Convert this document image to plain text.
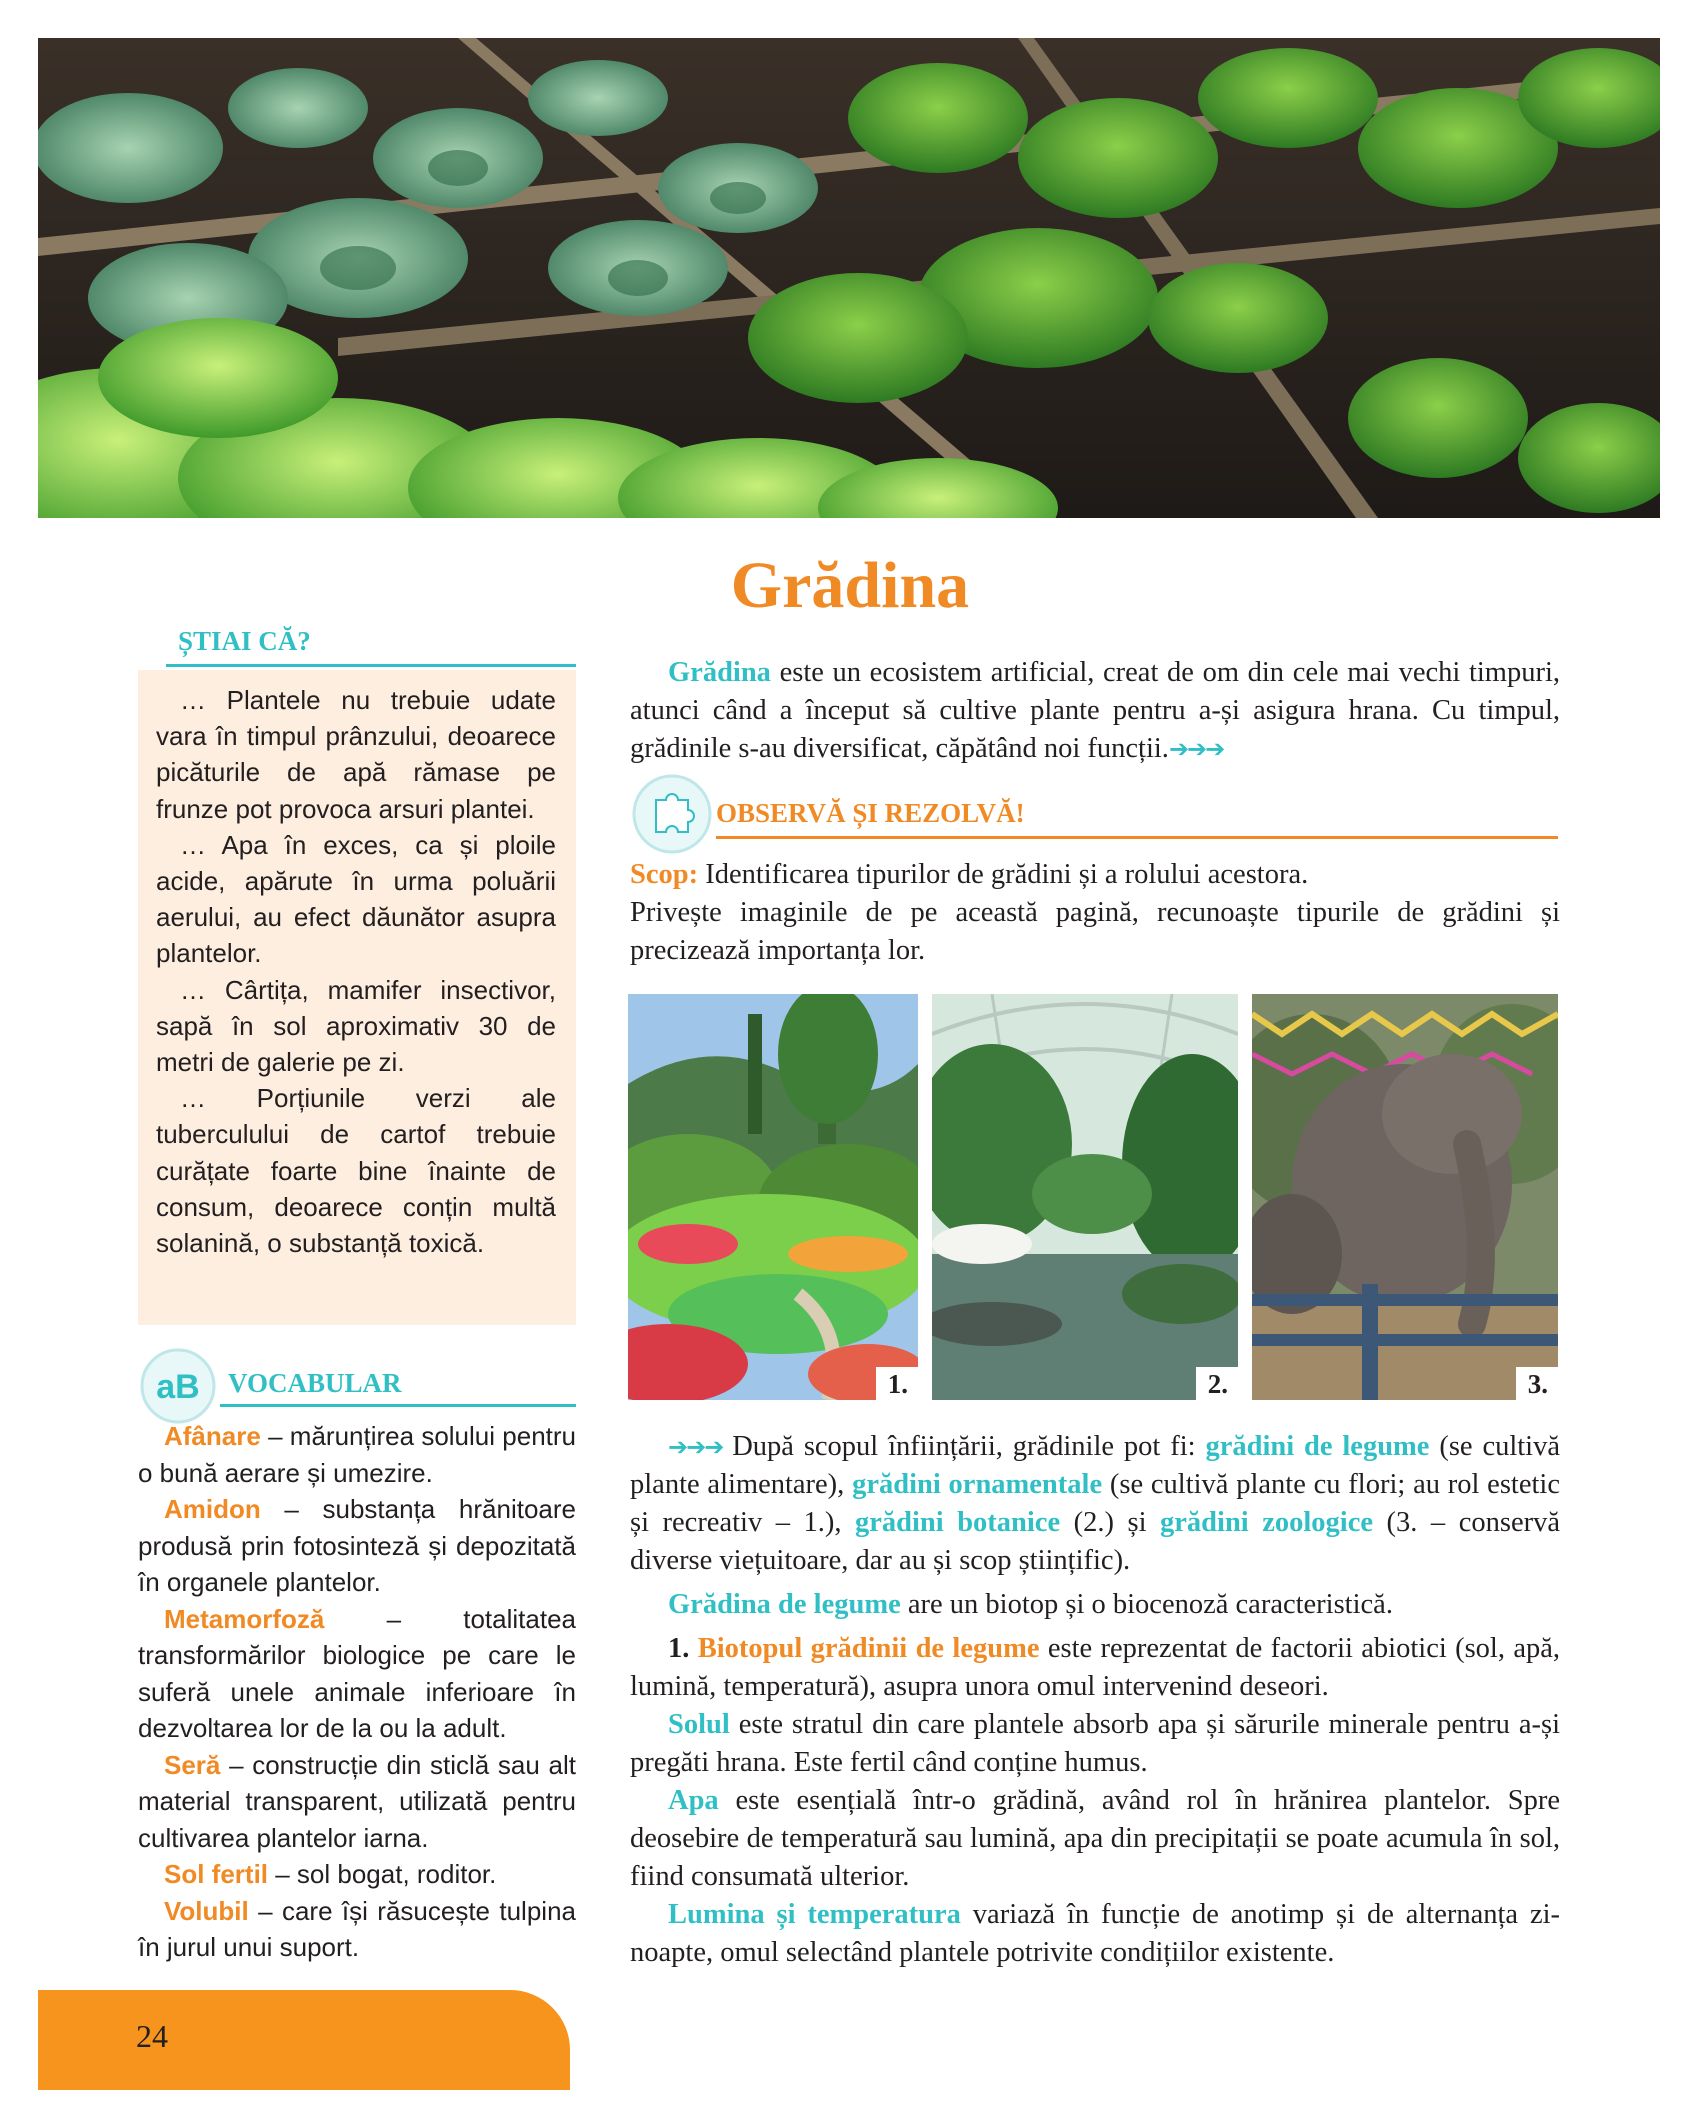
Grădina
ȘTIAI CĂ?

… Plantele nu trebuie udate vara în timpul prânzului, deoarece picăturile de apă rămase pe frunze pot provoca arsuri plantei.

… Apa în exces, ca și ploile acide, apărute în urma poluării aerului, au efect dăunător asupra plantelor.

… Cârtița, mamifer insectivor, sapă în sol aproximativ 30 de metri de galerie pe zi.

… Porțiunile verzi ale tuberculului de cartof trebuie curățate foarte bine înainte de consum, deoarece conțin multă solanină, o substanță toxică.

aB VOCABULAR

Afânare – mărunțirea solului pentru o bună aerare și umezire.

Amidon – substanța hrănitoare produsă prin fotosinteză și depozitată în organele plantelor.

Metamorfoză – totalitatea transformărilor biologice pe care le suferă unele animale inferioare în dezvoltarea lor de la ou la adult.

Seră – construcție din sticlă sau alt material transparent, utilizată pentru cultivarea plantelor iarna.

Sol fertil – sol bogat, roditor.

Volubil – care își răsucește tulpina în jurul unui suport.

24

Grădina este un ecosistem artificial, creat de om din cele mai vechi timpuri, atunci când a început să cultive plante pentru a-și asigura hrana. Cu timpul, grădinile s-au diversificat, căpătând noi funcții.➔➔➔

OBSERVĂ ȘI REZOLVĂ!
Scop: Identificarea tipurilor de grădini și a rolului acestora.
Privește imaginile de pe această pagină, recunoaște tipurile de grădini și precizează importanța lor.
1.	2.	3.

➔➔➔ După scopul înființării, grădinile pot fi: grădini de legume (se cultivă plante alimentare), grădini ornamentale (se cultivă plante cu flori; au rol estetic și recreativ – 1.), grădini botanice (2.) și grădini zoologice (3. – conservă diverse viețuitoare, dar au și scop științific).

Grădina de legume are un biotop și o biocenoză caracteristică.

1. Biotopul grădinii de legume este reprezentat de factorii abiotici (sol, apă, lumină, temperatură), asupra unora omul intervenind deseori.

Solul este stratul din care plantele absorb apa și sărurile minerale pentru a-și pregăti hrana. Este fertil când conține humus.

Apa este esențială într-o grădină, având rol în hrănirea plantelor. Spre deosebire de temperatură sau lumină, apa din precipitații se poate acumula în sol, fiind consumată ulterior.

Lumina și temperatura variază în funcție de anotimp și de alternanța zi-noapte, omul selectând plantele potrivite condițiilor existente.
